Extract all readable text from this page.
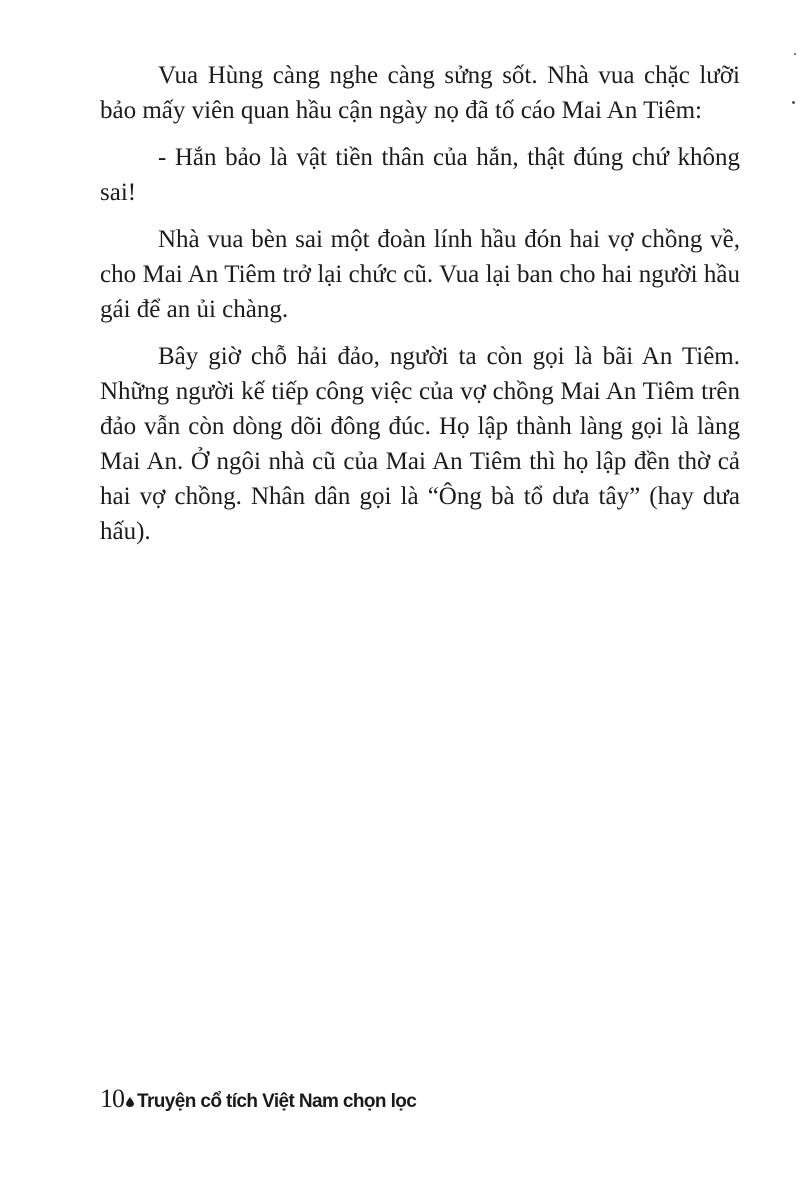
Vua Hùng càng nghe càng sửng sốt. Nhà vua chặc lưỡi bảo mấy viên quan hầu cận ngày nọ đã tố cáo Mai An Tiêm:

- Hắn bảo là vật tiền thân của hắn, thật đúng chứ không sai!

Nhà vua bèn sai một đoàn lính hầu đón hai vợ chồng về, cho Mai An Tiêm trở lại chức cũ. Vua lại ban cho hai người hầu gái để an ủi chàng.

Bây giờ chỗ hải đảo, người ta còn gọi là bãi An Tiêm. Những người kế tiếp công việc của vợ chồng Mai An Tiêm trên đảo vẫn còn dòng dõi đông đúc. Họ lập thành làng gọi là làng Mai An. Ở ngôi nhà cũ của Mai An Tiêm thì họ lập đền thờ cả hai vợ chồng. Nhân dân gọi là “Ông bà tổ dưa tây” (hay dưa hấu).

10 Truyện cổ tích Việt Nam chọn lọc
